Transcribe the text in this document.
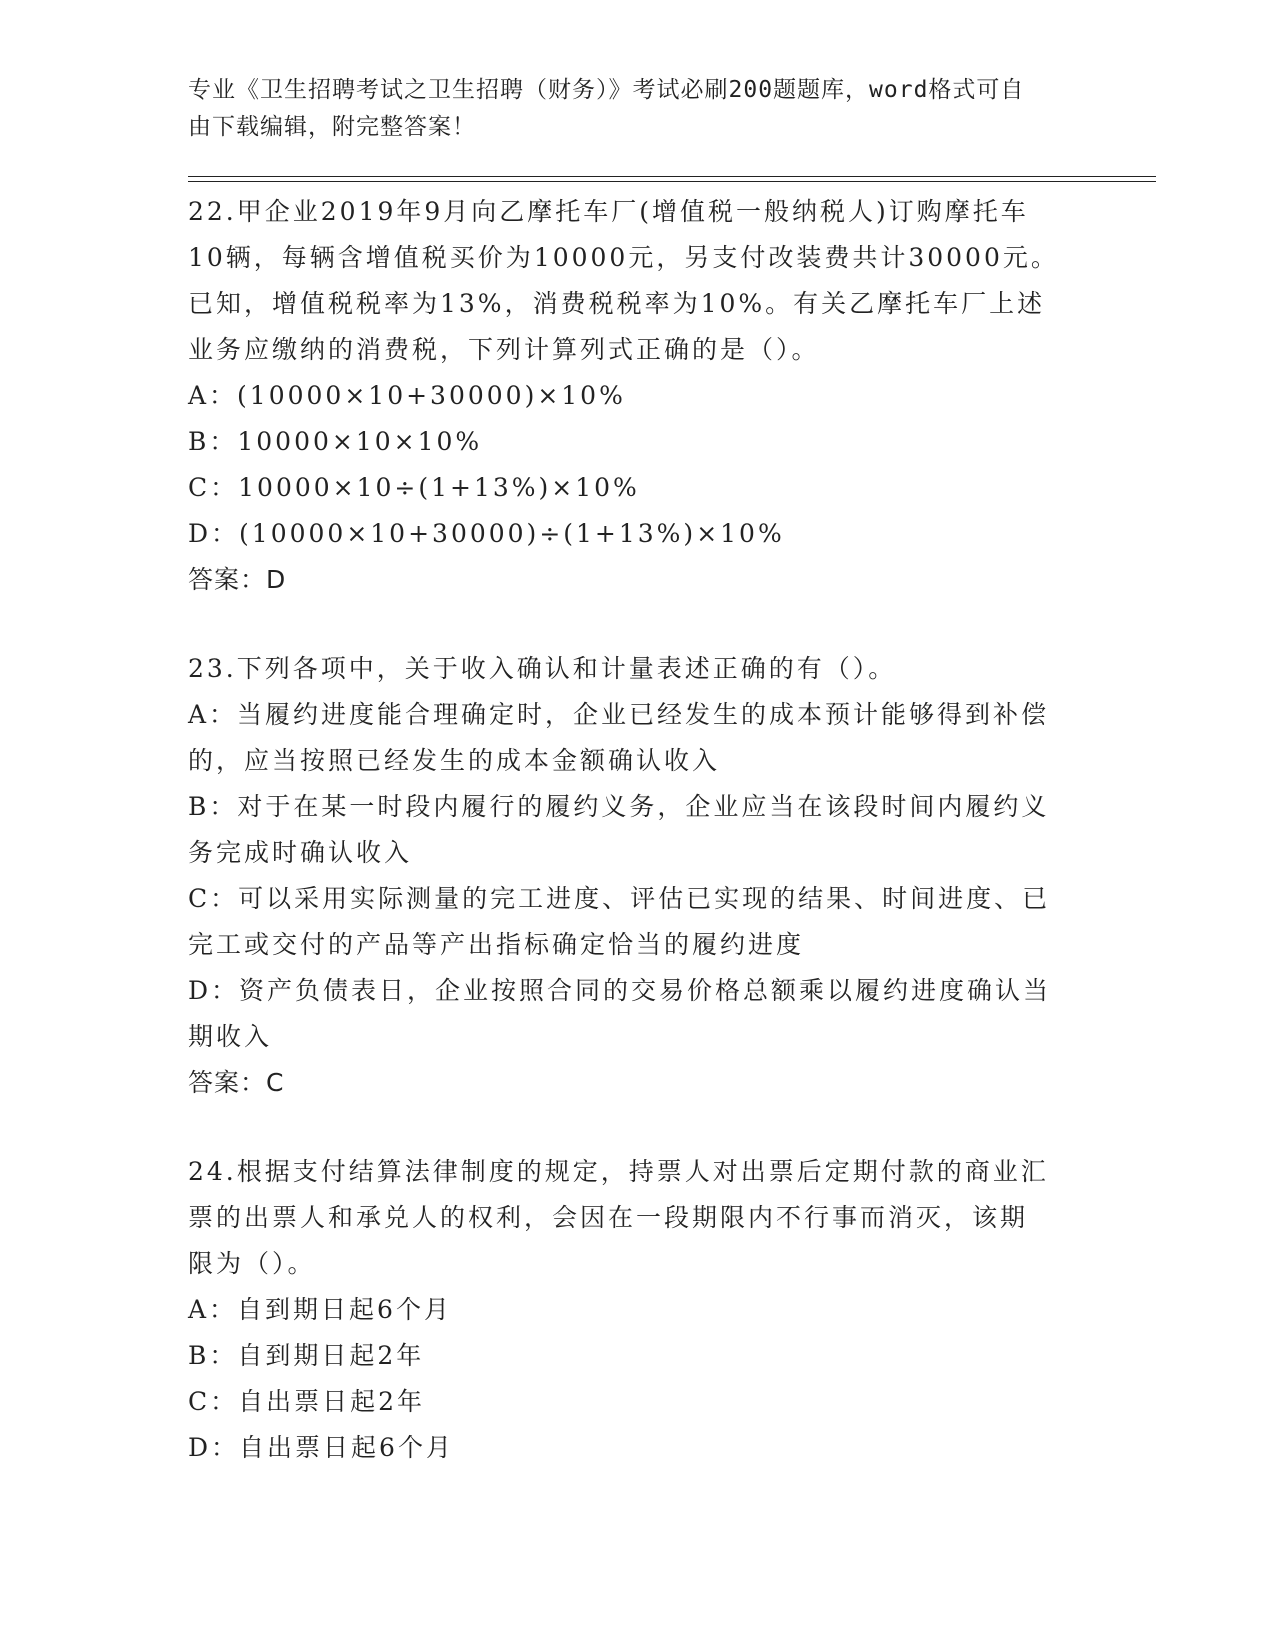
专业《卫生招聘考试之卫生招聘（财务）》考试必刷200题题库，word格式可自
由下载编辑，附完整答案！

22.甲企业2019年9月向乙摩托车厂(增值税一般纳税人)订购摩托车

10辆，每辆含增值税买价为10000元，另支付改装费共计30000元。

已知，增值税税率为13%，消费税税率为10%。有关乙摩托车厂上述

业务应缴纳的消费税，下列计算列式正确的是（）。

A：(10000×10+30000)×10%

B：10000×10×10%

C：10000×10÷(1+13%)×10%

D：(10000×10+30000)÷(1+13%)×10%

答案：D

23.下列各项中，关于收入确认和计量表述正确的有（）。

A：当履约进度能合理确定时，企业已经发生的成本预计能够得到补偿

的，应当按照已经发生的成本金额确认收入

B：对于在某一时段内履行的履约义务，企业应当在该段时间内履约义

务完成时确认收入

C：可以采用实际测量的完工进度、评估已实现的结果、时间进度、已

完工或交付的产品等产出指标确定恰当的履约进度

D：资产负债表日，企业按照合同的交易价格总额乘以履约进度确认当

期收入

答案：C

24.根据支付结算法律制度的规定，持票人对出票后定期付款的商业汇

票的出票人和承兑人的权利，会因在一段期限内不行事而消灭，该期

限为（）。

A：自到期日起6个月

B：自到期日起2年

C：自出票日起2年

D：自出票日起6个月
